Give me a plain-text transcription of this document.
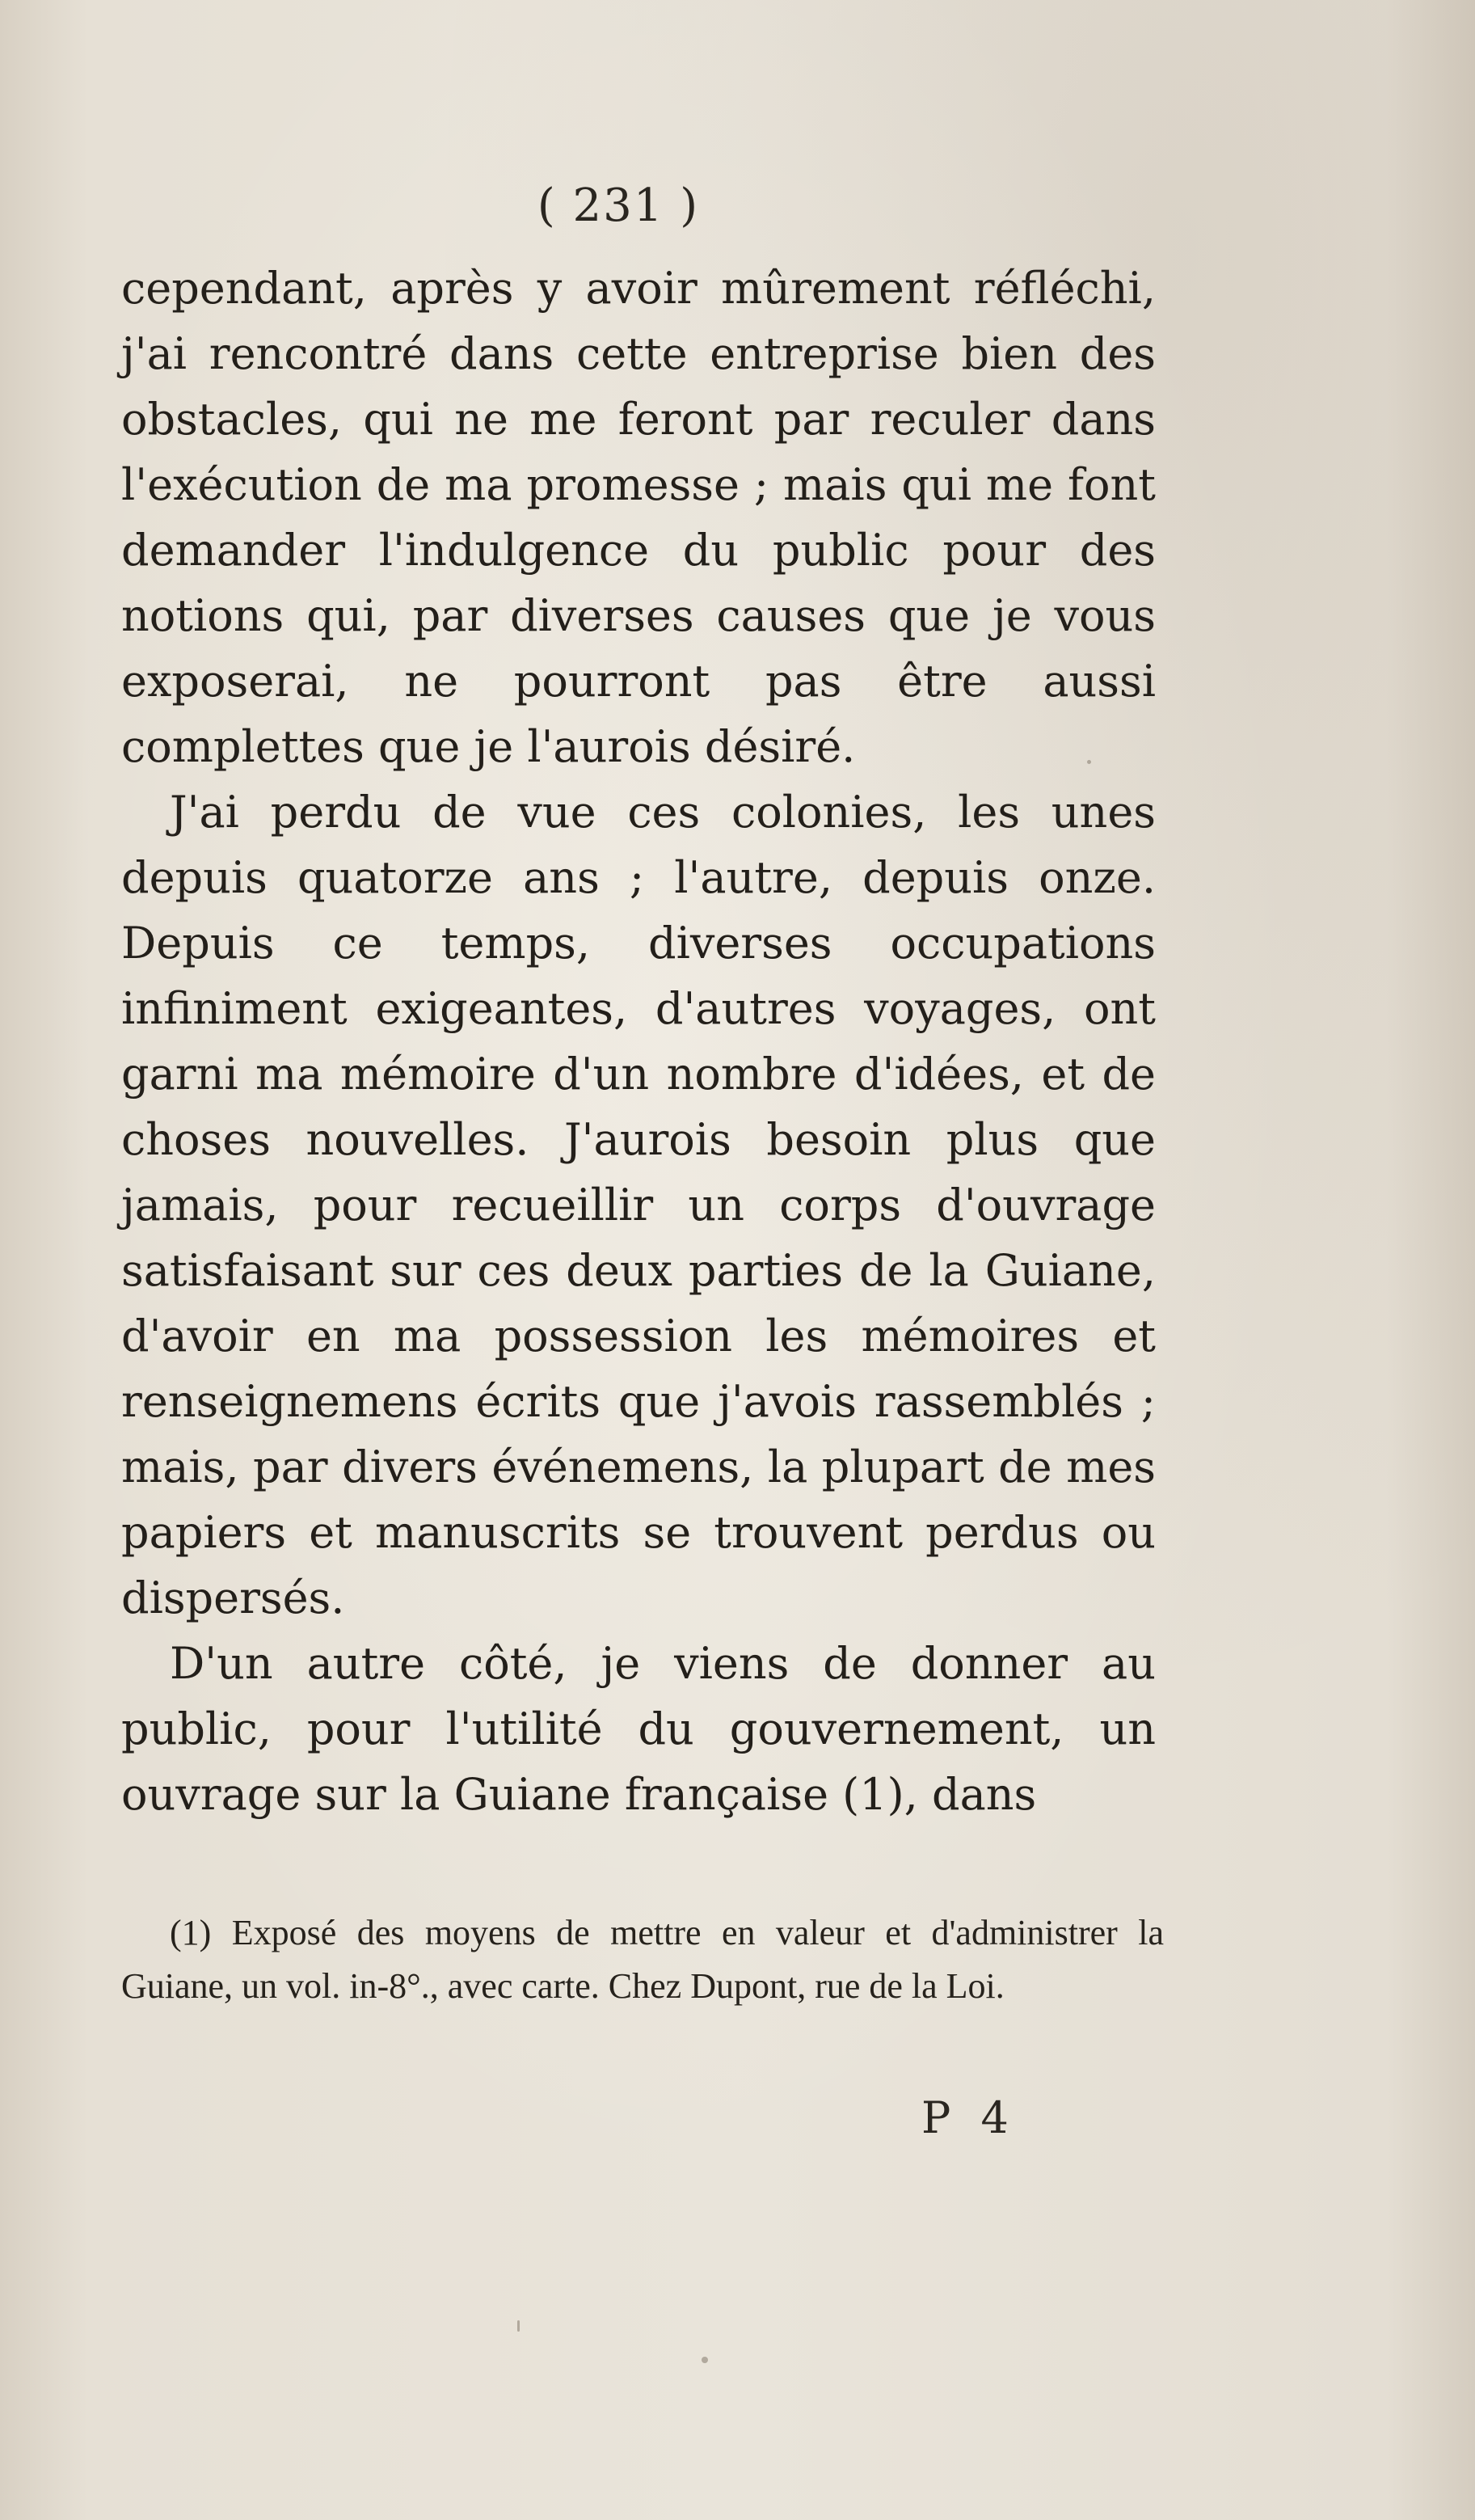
( 231 )

cependant, après y avoir mûrement réfléchi, j'ai rencontré dans cette entreprise bien des obstacles, qui ne me feront par reculer dans l'exécution de ma promesse ; mais qui me font demander l'indulgence du public pour des notions qui, par diverses causes que je vous exposerai, ne pourront pas être aussi complettes que je l'aurois désiré.

J'ai perdu de vue ces colonies, les unes depuis quatorze ans ; l'autre, depuis onze. Depuis ce temps, diverses occupations infiniment exigeantes, d'autres voyages, ont garni ma mémoire d'un nombre d'idées, et de choses nouvelles. J'aurois besoin plus que jamais, pour recueillir un corps d'ouvrage satisfaisant sur ces deux parties de la Guiane, d'avoir en ma possession les mémoires et renseignemens écrits que j'avois rassemblés ; mais, par divers événemens, la plupart de mes papiers et manuscrits se trouvent perdus ou dispersés.

D'un autre côté, je viens de donner au public, pour l'utilité du gouvernement, un ouvrage sur la Guiane française (1), dans

(1) Exposé des moyens de mettre en valeur et d'administrer la Guiane, un vol. in-8°., avec carte. Chez Dupont, rue de la Loi.

P 4
